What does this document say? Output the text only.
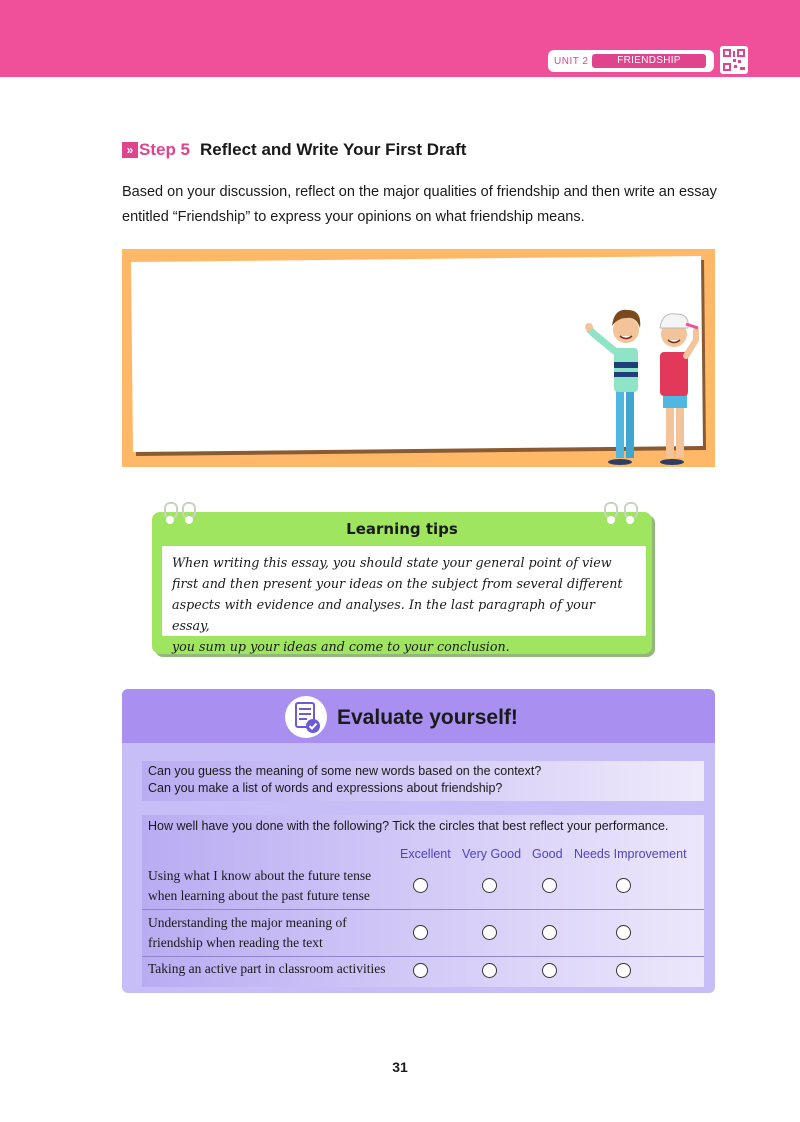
UNIT 2	FRIENDSHIP
» Step 5 Reflect and Write Your First Draft
Based on your discussion, reflect on the major qualities of friendship and then write an essay entitled “Friendship” to express your opinions on what friendship means.
Learning tips
When writing this essay, you should state your general point of view
first and then present your ideas on the subject from several different
aspects with evidence and analyses. In the last paragraph of your essay,
you sum up your ideas and come to your conclusion.
Evaluate yourself!
Can you guess the meaning of some new words based on the context?
Can you make a list of words and expressions about friendship?
How well have you done with the following? Tick the circles that best reflect your performance.
Excellent Very Good Good Needs Improvement
Using what I know about the future tense
when learning about the past future tense
Understanding the major meaning of
friendship when reading the text
Taking an active part in classroom activities
31
